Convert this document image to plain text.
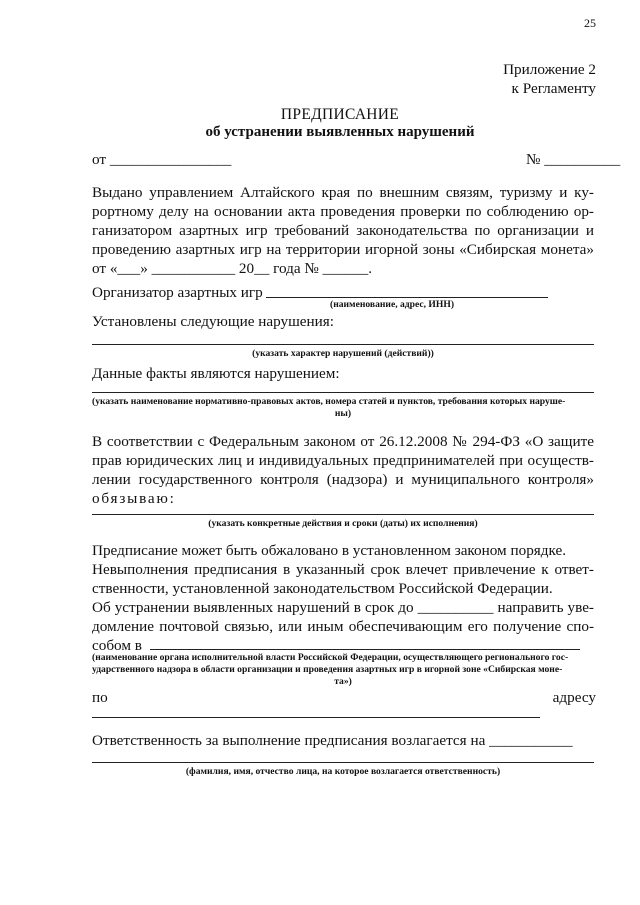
25
Приложение 2
к Регламенту
ПРЕДПИСАНИЕ
об устранении выявленных нарушений
от ________________	№ __________
Выдано управлением Алтайского края по внешним связям, туризму и ку-
рортному делу на основании акта проведения проверки по соблюдению ор-
ганизатором азартных игр требований законодательства по организации и
проведению азартных игр на территории игорной зоны «Сибирская монета»
от «___» ___________ 20__ года № ______.
Организатор азартных игр
(наименование, адрес, ИНН)
Установлены следующие нарушения:
(указать характер нарушений (действий))
Данные факты являются нарушением:
(указать наименование нормативно-правовых актов, номера статей и пунктов, требования которых наруше-
ны)
В соответствии с Федеральным законом от 26.12.2008 № 294-ФЗ «О защите
прав юридических лиц и индивидуальных предпринимателей при осуществ-
лении государственного контроля (надзора) и муниципального контроля»
обязываю:
(указать конкретные действия и сроки (даты) их исполнения)
Предписание может быть обжаловано в установленном законом порядке.
Невыполнения предписания в указанный срок влечет привлечение к ответ-
ственности, установленной законодательством Российской Федерации.
Об устранении выявленных нарушений в срок до __________ направить уве-
домление почтовой связью, или иным обеспечивающим его получение спо-
собом в
(наименование органа исполнительной власти Российской Федерации, осуществляющего регионального гос-
ударственного надзора в области организации и проведения азартных игр в игорной зоне «Сибирская моне-
та»)
по	адресу
Ответственность за выполнение предписания возлагается на ___________
(фамилия, имя, отчество лица, на которое возлагается ответственность)
